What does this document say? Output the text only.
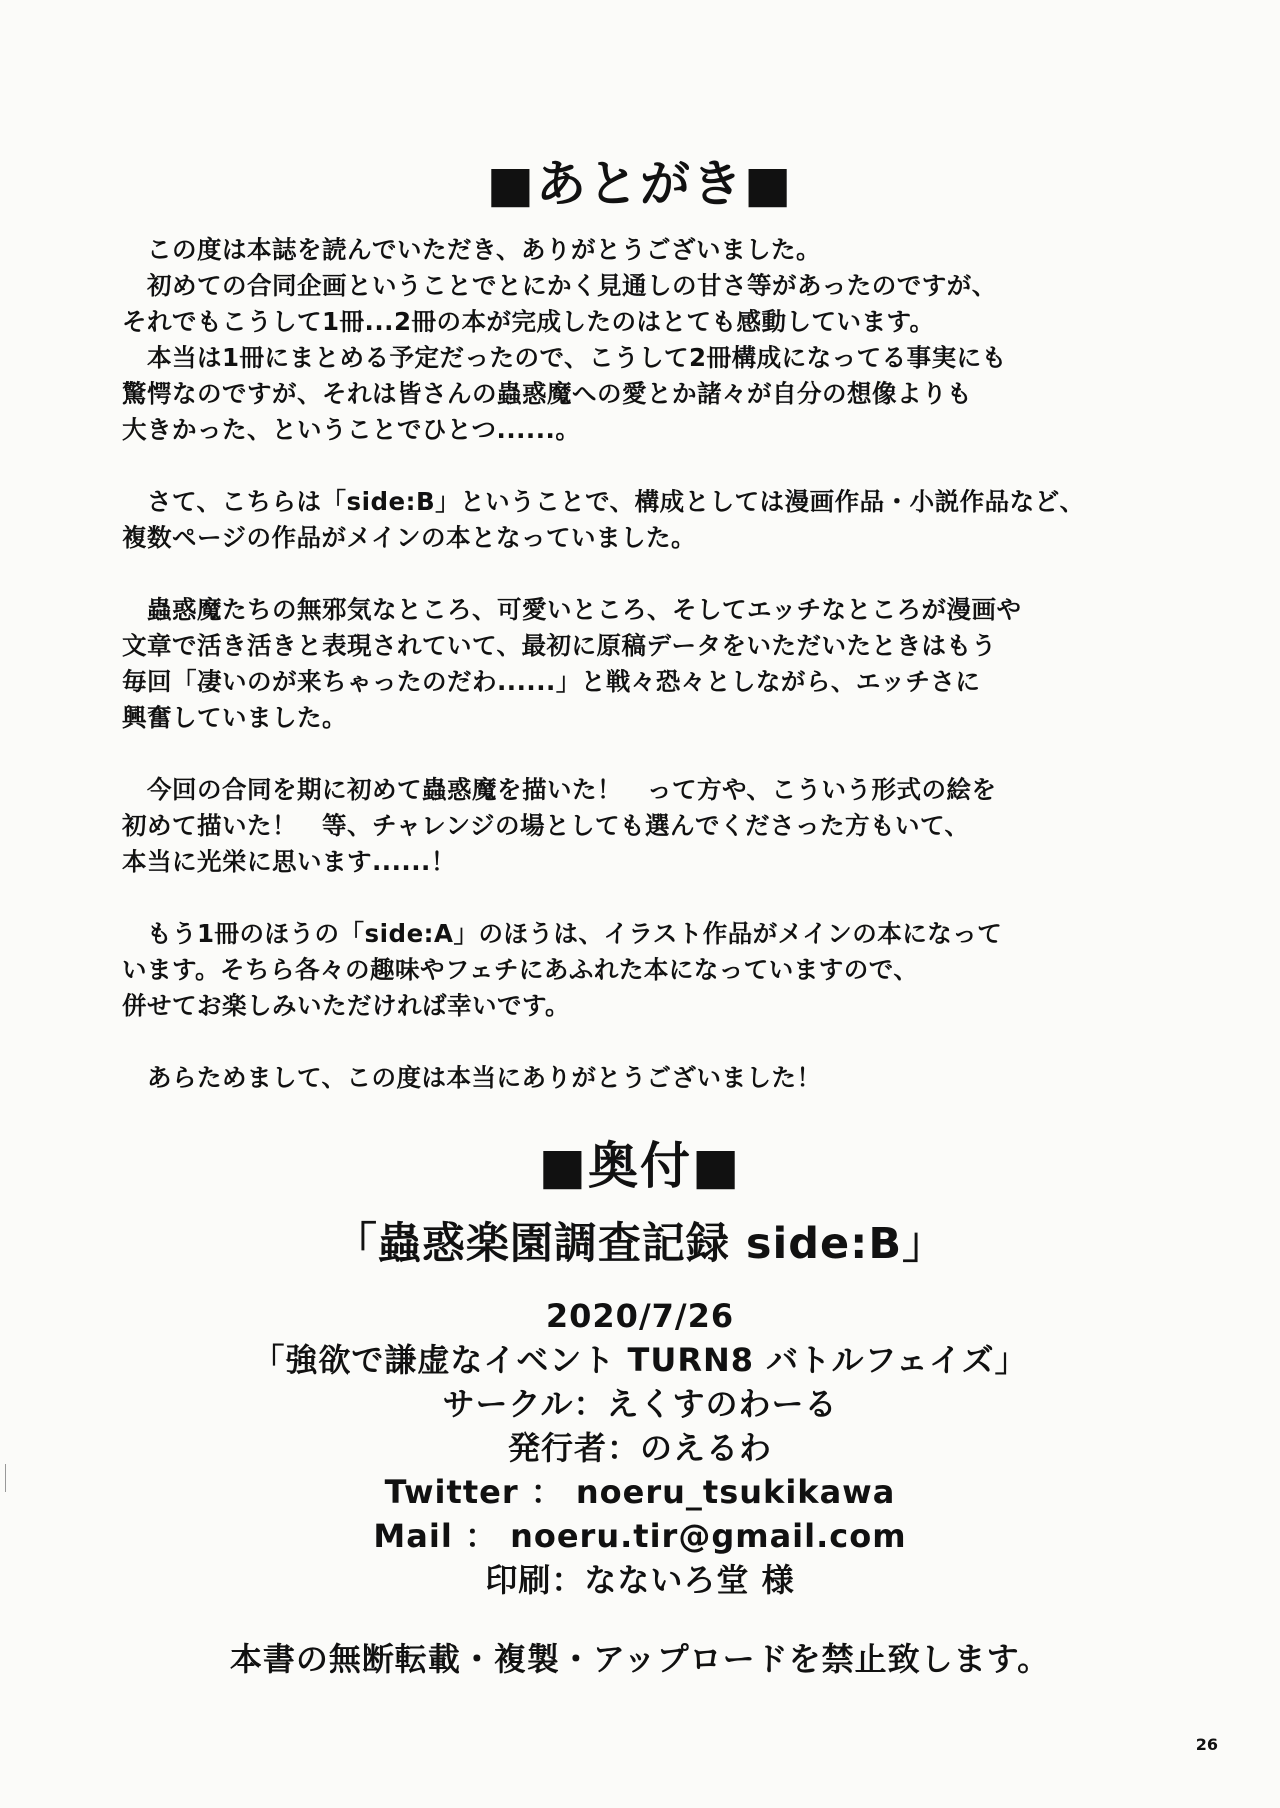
■あとがき■

　この度は本誌を読んでいただき、ありがとうございました。
　初めての合同企画ということでとにかく見通しの甘さ等があったのですが、
それでもこうして1冊...2冊の本が完成したのはとても感動しています。
　本当は1冊にまとめる予定だったので、こうして2冊構成になってる事実にも
驚愕なのですが、それは皆さんの蟲惑魔への愛とか諸々が自分の想像よりも
大きかった、ということでひとつ......。

　さて、こちらは「side:B」ということで、構成としては漫画作品・小説作品など、
複数ページの作品がメインの本となっていました。

　蟲惑魔たちの無邪気なところ、可愛いところ、そしてエッチなところが漫画や
文章で活き活きと表現されていて、最初に原稿データをいただいたときはもう
毎回「凄いのが来ちゃったのだわ......」と戦々恐々としながら、エッチさに
興奮していました。

　今回の合同を期に初めて蟲惑魔を描いた！　って方や、こういう形式の絵を
初めて描いた！　等、チャレンジの場としても選んでくださった方もいて、
本当に光栄に思います......！

　もう1冊のほうの「side:A」のほうは、イラスト作品がメインの本になって
います。そちら各々の趣味やフェチにあふれた本になっていますので、
併せてお楽しみいただければ幸いです。

　あらためまして、この度は本当にありがとうございました！

■奥付■
「蟲惑楽園調査記録 side:B」
2020/7/26
「強欲で謙虚なイベント TURN8 バトルフェイズ」
サークル：えくすのわーる
発行者：のえるわ
Twitter ： noeru_tsukikawa
Mail ： noeru.tir@gmail.com
印刷：なないろ堂 様
本書の無断転載・複製・アップロードを禁止致します。
26
